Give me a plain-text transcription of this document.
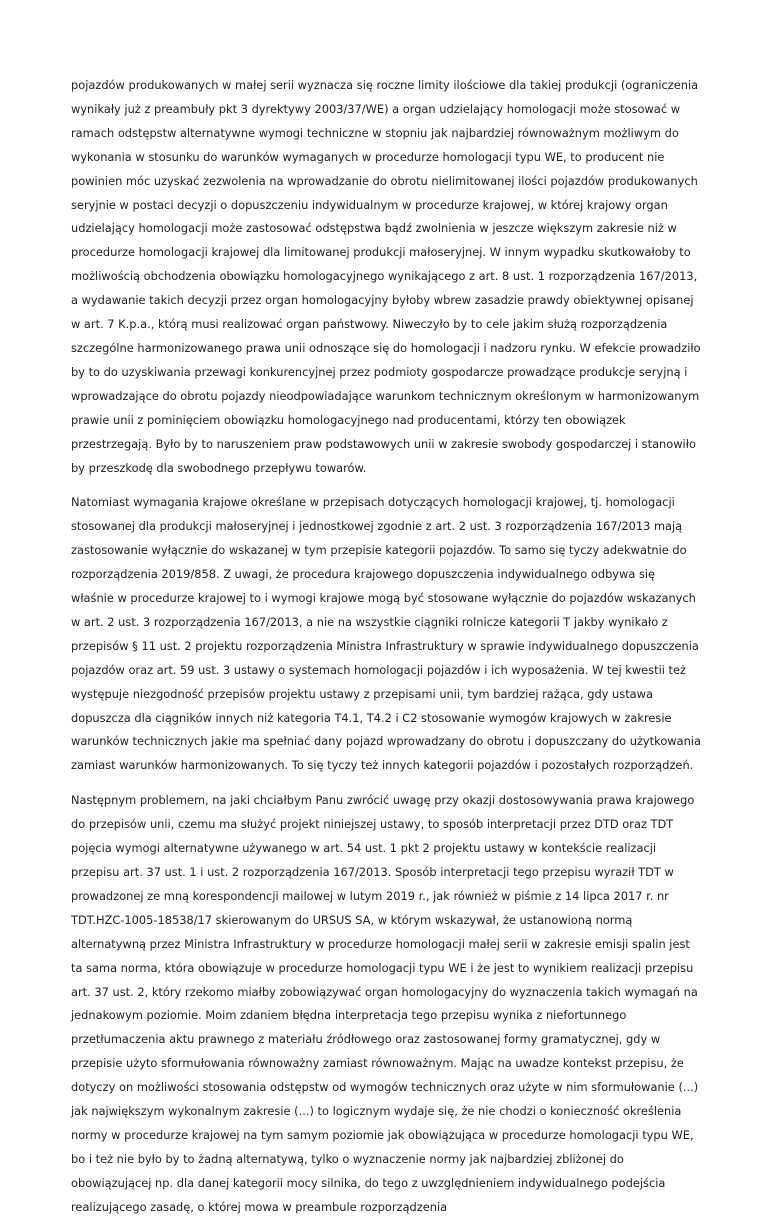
pojazdów produkowanych w małej serii wyznacza się roczne limity ilościowe dla takiej produkcji (ograniczenia wynikały już z preambuły pkt 3 dyrektywy 2003/37/WE) a organ udzielający homologacji może stosować w ramach odstępstw alternatywne wymogi techniczne w stopniu jak najbardziej równoważnym możliwym do wykonania w stosunku do warunków wymaganych w procedurze homologacji typu WE, to producent nie powinien móc uzyskać zezwolenia na wprowadzanie do obrotu nielimitowanej ilości pojazdów produkowanych seryjnie w postaci decyzji o dopuszczeniu indywidualnym w procedurze krajowej, w której krajowy organ udzielający homologacji może zastosować odstępstwa bądź zwolnienia w jeszcze większym zakresie niż w procedurze homologacji krajowej dla limitowanej produkcji małoseryjnej. W innym wypadku skutkowałoby to możliwością obchodzenia obowiązku homologacyjnego wynikającego z art. 8 ust. 1 rozporządzenia 167/2013, a wydawanie takich decyzji przez organ homologacyjny byłoby wbrew zasadzie prawdy obiektywnej opisanej w art. 7 K.p.a., którą musi realizować organ państwowy. Niweczyło by to cele jakim służą rozporządzenia szczególne harmonizowanego prawa unii odnoszące się do homologacji i nadzoru rynku. W efekcie prowadziło by to do uzyskiwania przewagi konkurencyjnej przez podmioty gospodarcze prowadzące produkcje seryjną i wprowadzające do obrotu pojazdy nieodpowiadające warunkom technicznym określonym w harmonizowanym prawie unii z pominięciem obowiązku homologacyjnego nad producentami, którzy ten obowiązek przestrzegają. Było by to naruszeniem praw podstawowych unii w zakresie swobody gospodarczej i stanowiło by przeszkodę dla swobodnego przepływu towarów.

Natomiast wymagania krajowe określane w przepisach dotyczących homologacji krajowej, tj. homologacji stosowanej dla produkcji małoseryjnej i jednostkowej zgodnie z art. 2 ust. 3 rozporządzenia 167/2013 mają zastosowanie wyłącznie do wskazanej w tym przepisie kategorii pojazdów. To samo się tyczy adekwatnie do rozporządzenia 2019/858. Z uwagi, że procedura krajowego dopuszczenia indywidualnego odbywa się właśnie w procedurze krajowej to i wymogi krajowe mogą być stosowane wyłącznie do pojazdów wskazanych w art. 2 ust. 3 rozporządzenia 167/2013, a nie na wszystkie ciągniki rolnicze kategorii T jakby wynikało z przepisów § 11 ust. 2 projektu rozporządzenia Ministra Infrastruktury w sprawie indywidualnego dopuszczenia pojazdów oraz art. 59 ust. 3 ustawy o systemach homologacji pojazdów i ich wyposażenia. W tej kwestii też występuje niezgodność przepisów projektu ustawy z przepisami unii, tym bardziej rażąca, gdy ustawa dopuszcza dla ciągników innych niż kategoria T4.1, T4.2 i C2 stosowanie wymogów krajowych w zakresie warunków technicznych jakie ma spełniać dany pojazd wprowadzany do obrotu i dopuszczany do użytkowania zamiast warunków harmonizowanych. To się tyczy też innych kategorii pojazdów i pozostałych rozporządzeń.

Następnym problemem, na jaki chciałbym Panu zwrócić uwagę przy okazji dostosowywania prawa krajowego do przepisów unii, czemu ma służyć projekt niniejszej ustawy, to sposób interpretacji przez DTD oraz TDT pojęcia wymogi alternatywne używanego w art. 54 ust. 1 pkt 2 projektu ustawy w kontekście realizacji przepisu art. 37 ust. 1 i ust. 2 rozporządzenia 167/2013. Sposób interpretacji tego przepisu wyraził TDT w prowadzonej ze mną korespondencji mailowej w lutym 2019 r., jak również w piśmie z 14 lipca 2017 r. nr TDT.HZC-1005-18538/17 skierowanym do URSUS SA, w którym wskazywał, że ustanowioną normą alternatywną przez Ministra Infrastruktury w procedurze homologacji małej serii w zakresie emisji spalin jest ta sama norma, która obowiązuje w procedurze homologacji typu WE i że jest to wynikiem realizacji przepisu art. 37 ust. 2, który rzekomo miałby zobowiązywać organ homologacyjny do wyznaczenia takich wymagań na jednakowym poziomie. Moim zdaniem błędna interpretacja tego przepisu wynika z niefortunnego przetłumaczenia aktu prawnego z materiału źródłowego oraz zastosowanej formy gramatycznej, gdy w przepisie użyto sformułowania równoważny zamiast równoważnym. Mając na uwadze kontekst przepisu, że dotyczy on możliwości stosowania odstępstw od wymogów technicznych oraz użyte w nim sformułowanie (...) jak największym wykonalnym zakresie (...) to logicznym wydaje się, że nie chodzi o konieczność określenia normy w procedurze krajowej na tym samym poziomie jak obowiązująca w procedurze homologacji typu WE, bo i też nie było by to żadną alternatywą, tylko o wyznaczenie normy jak najbardziej zbliżonej do obowiązującej np. dla danej kategorii mocy silnika, do tego z uwzględnieniem indywidualnego podejścia realizującego zasadę, o której mowa w preambule rozporządzenia
